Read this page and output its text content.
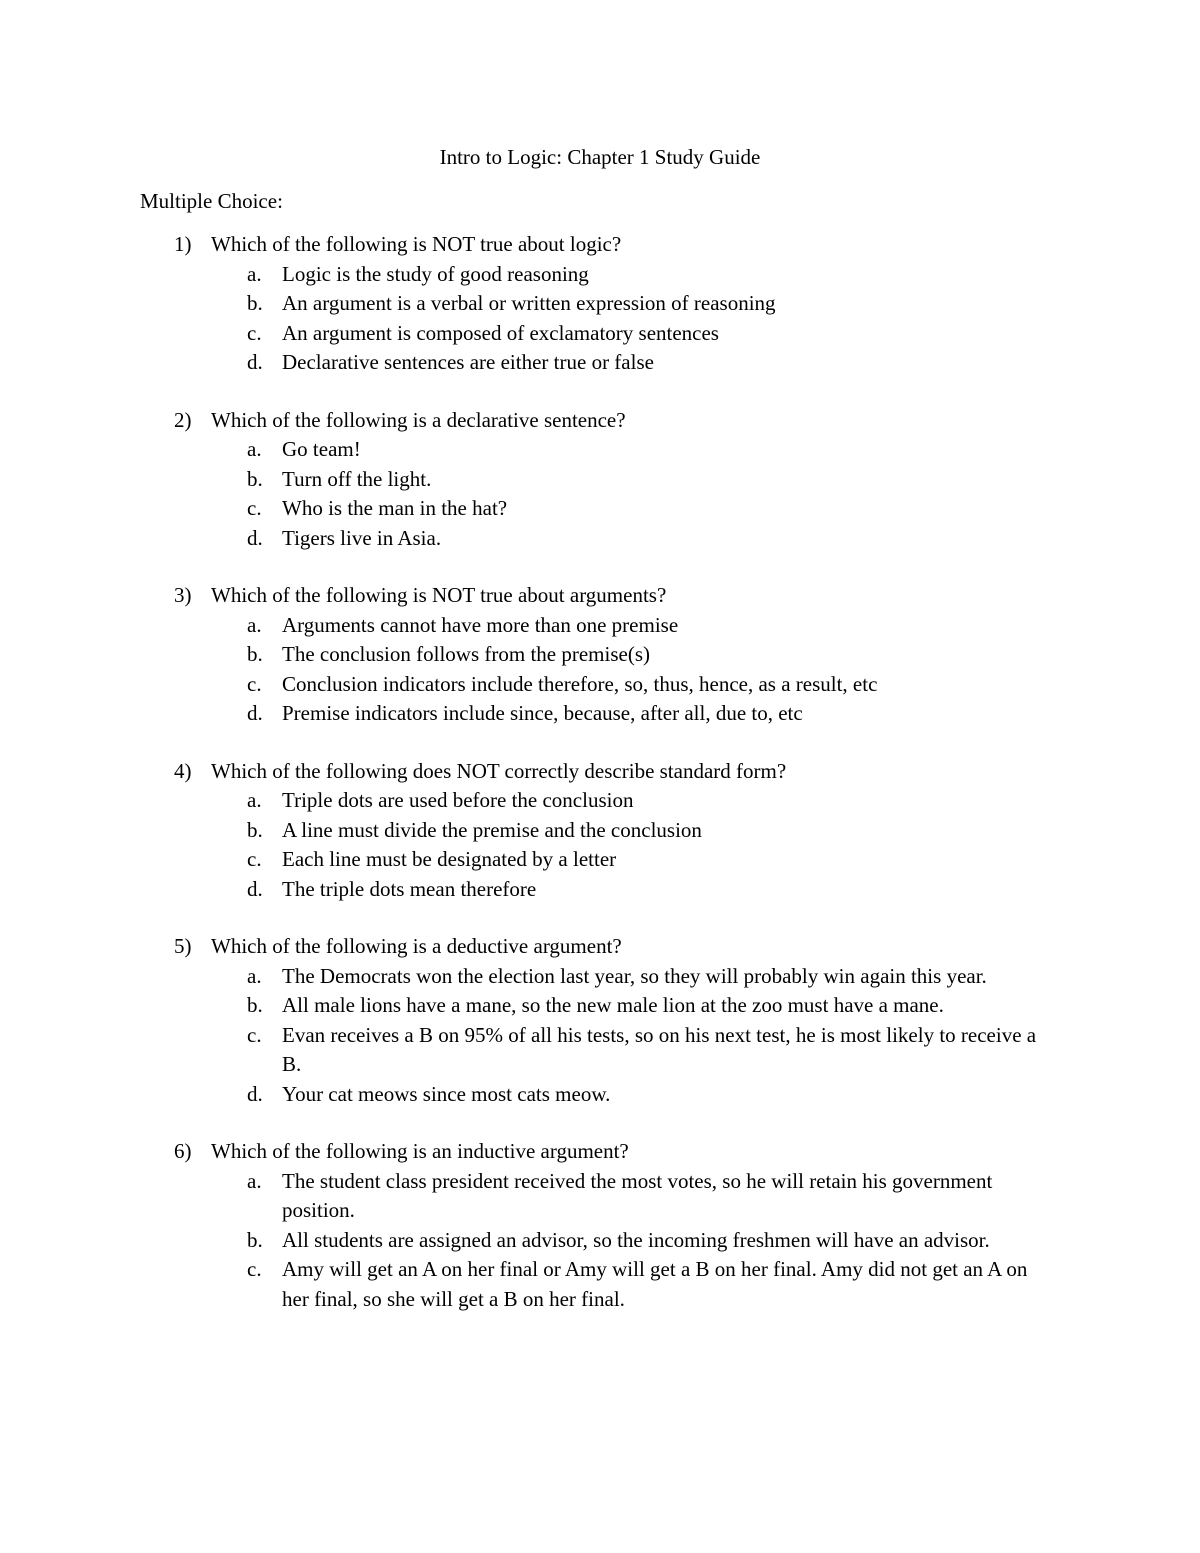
Intro to Logic: Chapter 1 Study Guide
Multiple Choice:
1) Which of the following is NOT true about logic?
a. Logic is the study of good reasoning
b. An argument is a verbal or written expression of reasoning
c. An argument is composed of exclamatory sentences
d. Declarative sentences are either true or false
2) Which of the following is a declarative sentence?
a. Go team!
b. Turn off the light.
c. Who is the man in the hat?
d. Tigers live in Asia.
3) Which of the following is NOT true about arguments?
a. Arguments cannot have more than one premise
b. The conclusion follows from the premise(s)
c. Conclusion indicators include therefore, so, thus, hence, as a result, etc
d. Premise indicators include since, because, after all, due to, etc
4) Which of the following does NOT correctly describe standard form?
a. Triple dots are used before the conclusion
b. A line must divide the premise and the conclusion
c. Each line must be designated by a letter
d. The triple dots mean therefore
5) Which of the following is a deductive argument?
a. The Democrats won the election last year, so they will probably win again this year.
b. All male lions have a mane, so the new male lion at the zoo must have a mane.
c. Evan receives a B on 95% of all his tests, so on his next test, he is most likely to receive a B.
d. Your cat meows since most cats meow.
6) Which of the following is an inductive argument?
a. The student class president received the most votes, so he will retain his government position.
b. All students are assigned an advisor, so the incoming freshmen will have an advisor.
c. Amy will get an A on her final or Amy will get a B on her final. Amy did not get an A on her final, so she will get a B on her final.
